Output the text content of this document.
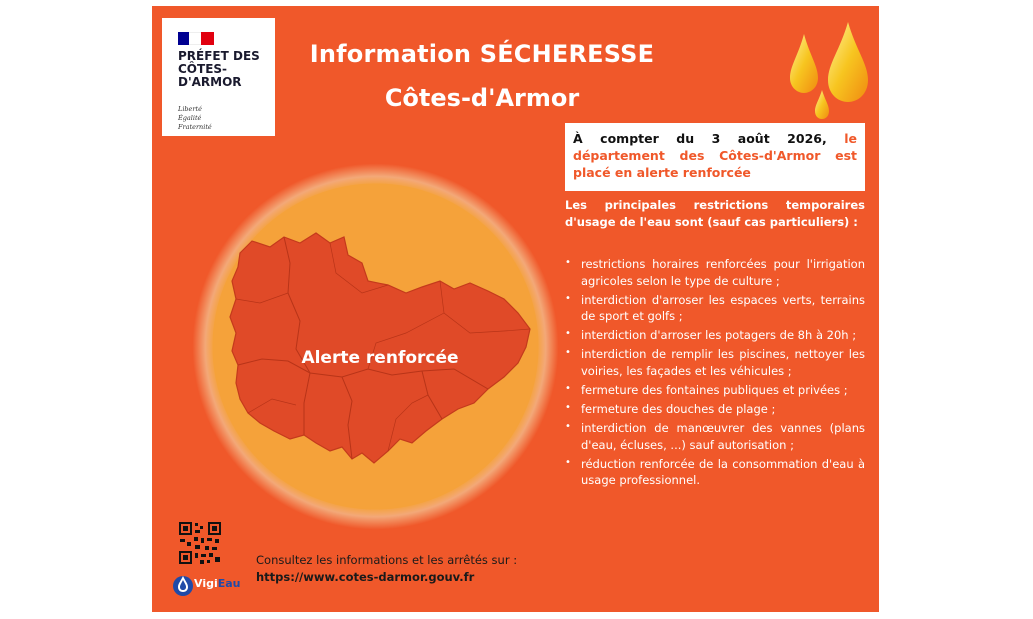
PRÉFET DES CÔTES-D'ARMOR
Liberté
Égalité
Fraternité
Information SÉCHERESSE
Côtes-d'Armor
À compter du 3 août 2026, le département des Côtes-d'Armor est placé en alerte renforcée
Les principales restrictions temporaires d'usage de l'eau sont (sauf cas particuliers) :
• restrictions horaires renforcées pour l'irrigation agricoles selon le type de culture ;
• interdiction d'arroser les espaces verts, terrains de sport et golfs ;
• interdiction d'arroser les potagers de 8h à 20h ;
• interdiction de remplir les piscines, nettoyer les voiries, les façades et les véhicules ;
• fermeture des fontaines publiques et privées ;
• fermeture des douches de plage ;
• interdiction de manœuvrer des vannes (plans d'eau, écluses, ...) sauf autorisation ;
• réduction renforcée de la consommation d'eau à usage professionnel.
Alerte renforcée
VigiEau
Consultez les informations et les arrêtés sur : https://www.cotes-darmor.gouv.fr
